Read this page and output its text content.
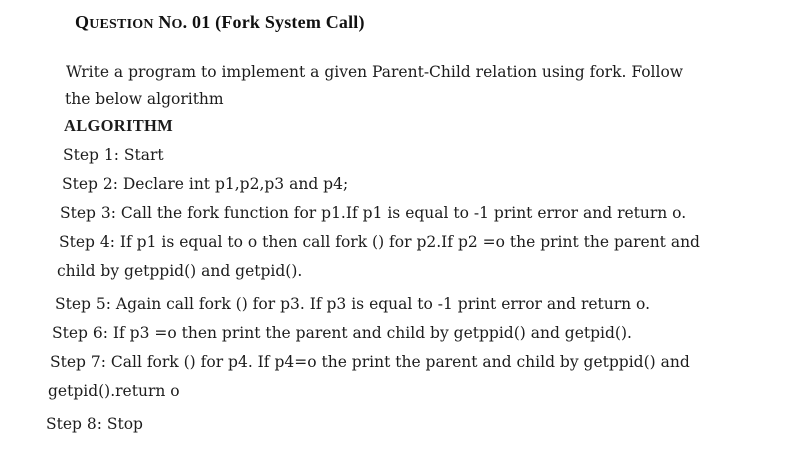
QUESTION NO. 01 (Fork System Call)
Write a program to implement a given Parent-Child relation using fork. Follow
the below algorithm
ALGORITHM
Step 1: Start
Step 2: Declare int p1,p2,p3 and p4;
Step 3: Call the fork function for p1.If p1 is equal to -1 print error and return o.
Step 4: If p1 is equal to o then call fork () for p2.If p2 =o the print the parent and
child by getppid() and getpid().
Step 5: Again call fork () for p3. If p3 is equal to -1 print error and return o.
Step 6: If p3 =o then print the parent and child by getppid() and getpid().
Step 7: Call fork () for p4. If p4=o the print the parent and child by getppid() and
getpid().return o
Step 8: Stop
